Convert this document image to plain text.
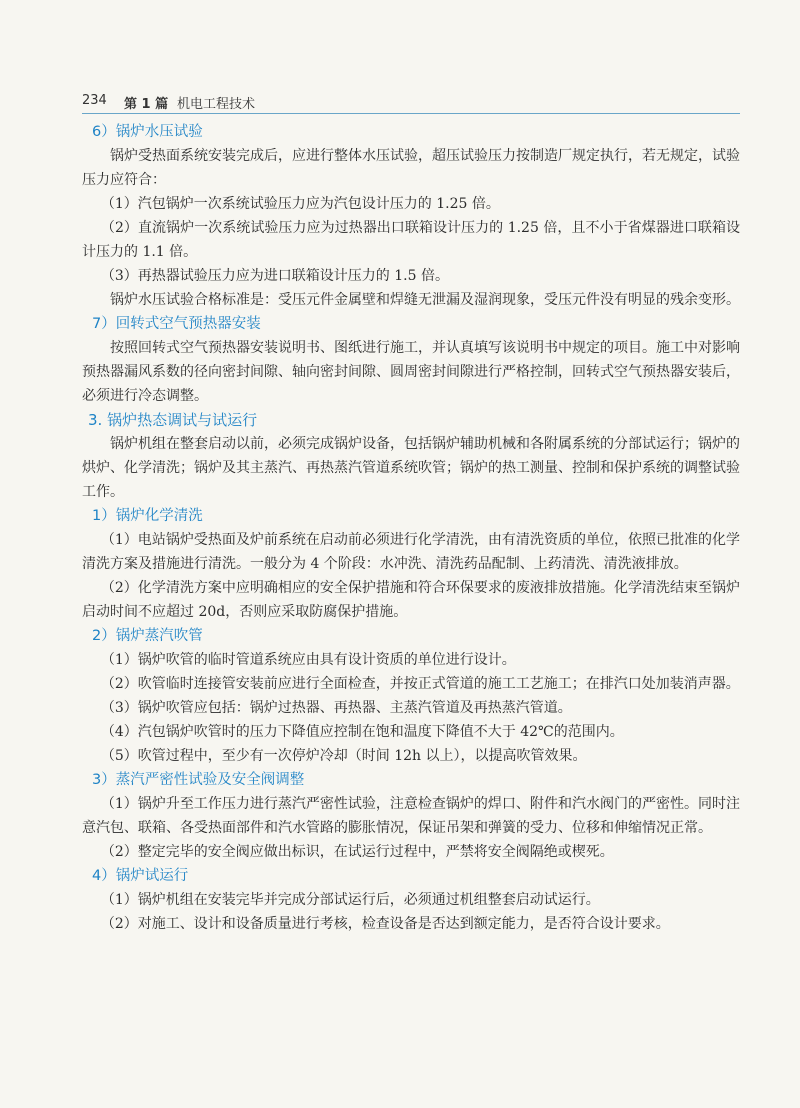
234 第 1 篇 机电工程技术
6）锅炉水压试验

锅炉受热面系统安装完成后，应进行整体水压试验，超压试验压力按制造厂规定执行，若无规定，试验压力应符合：

（1）汽包锅炉一次系统试验压力应为汽包设计压力的 1.25 倍。

（2）直流锅炉一次系统试验压力应为过热器出口联箱设计压力的 1.25 倍，且不小于省煤器进口联箱设计压力的 1.1 倍。

（3）再热器试验压力应为进口联箱设计压力的 1.5 倍。

锅炉水压试验合格标准是：受压元件金属壁和焊缝无泄漏及湿润现象，受压元件没有明显的残余变形。

7）回转式空气预热器安装

按照回转式空气预热器安装说明书、图纸进行施工，并认真填写该说明书中规定的项目。施工中对影响预热器漏风系数的径向密封间隙、轴向密封间隙、圆周密封间隙进行严格控制，回转式空气预热器安装后，必须进行冷态调整。

3. 锅炉热态调试与试运行

锅炉机组在整套启动以前，必须完成锅炉设备，包括锅炉辅助机械和各附属系统的分部试运行；锅炉的烘炉、化学清洗；锅炉及其主蒸汽、再热蒸汽管道系统吹管；锅炉的热工测量、控制和保护系统的调整试验工作。

1）锅炉化学清洗

（1）电站锅炉受热面及炉前系统在启动前必须进行化学清洗，由有清洗资质的单位，依照已批准的化学清洗方案及措施进行清洗。一般分为 4 个阶段：水冲洗、清洗药品配制、上药清洗、清洗液排放。

（2）化学清洗方案中应明确相应的安全保护措施和符合环保要求的废液排放措施。化学清洗结束至锅炉启动时间不应超过 20d，否则应采取防腐保护措施。

2）锅炉蒸汽吹管

（1）锅炉吹管的临时管道系统应由具有设计资质的单位进行设计。

（2）吹管临时连接管安装前应进行全面检查，并按正式管道的施工工艺施工；在排汽口处加装消声器。

（3）锅炉吹管应包括：锅炉过热器、再热器、主蒸汽管道及再热蒸汽管道。

（4）汽包锅炉吹管时的压力下降值应控制在饱和温度下降值不大于 42℃的范围内。

（5）吹管过程中，至少有一次停炉冷却（时间 12h 以上），以提高吹管效果。

3）蒸汽严密性试验及安全阀调整

（1）锅炉升至工作压力进行蒸汽严密性试验，注意检查锅炉的焊口、附件和汽水阀门的严密性。同时注意汽包、联箱、各受热面部件和汽水管路的膨胀情况，保证吊架和弹簧的受力、位移和伸缩情况正常。

（2）整定完毕的安全阀应做出标识，在试运行过程中，严禁将安全阀隔绝或楔死。

4）锅炉试运行

（1）锅炉机组在安装完毕并完成分部试运行后，必须通过机组整套启动试运行。

（2）对施工、设计和设备质量进行考核，检查设备是否达到额定能力，是否符合设计要求。
